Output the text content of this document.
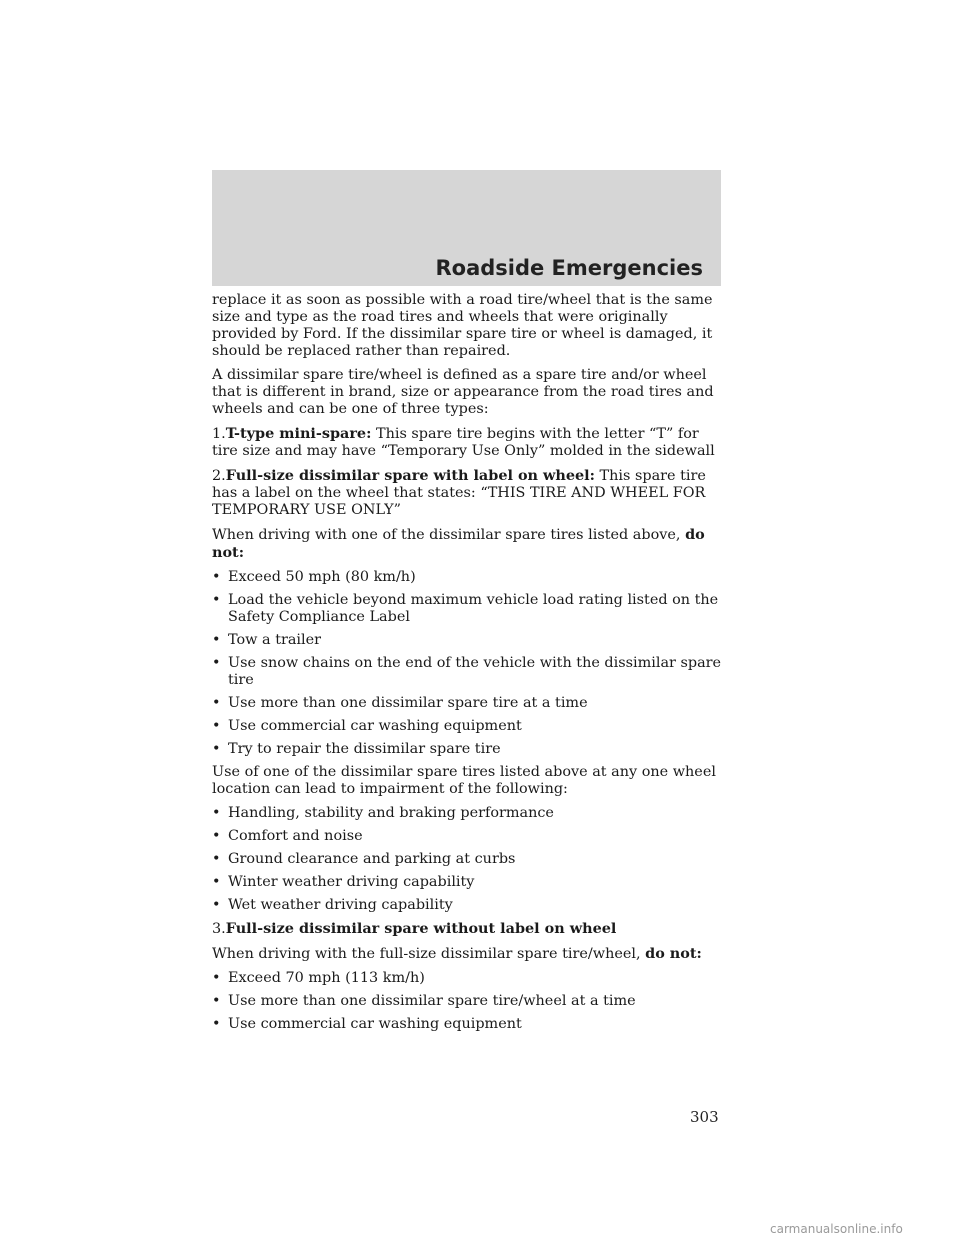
Roadside Emergencies

replace it as soon as possible with a road tire/wheel that is the same size and type as the road tires and wheels that were originally provided by Ford. If the dissimilar spare tire or wheel is damaged, it should be replaced rather than repaired.

A dissimilar spare tire/wheel is defined as a spare tire and/or wheel that is different in brand, size or appearance from the road tires and wheels and can be one of three types:

1.T-type mini-spare: This spare tire begins with the letter “T” for tire size and may have “Temporary Use Only” molded in the sidewall

2.Full-size dissimilar spare with label on wheel: This spare tire has a label on the wheel that states: “THIS TIRE AND WHEEL FOR TEMPORARY USE ONLY”

When driving with one of the dissimilar spare tires listed above, do not:

• Exceed 50 mph (80 km/h)
• Load the vehicle beyond maximum vehicle load rating listed on the Safety Compliance Label
• Tow a trailer
• Use snow chains on the end of the vehicle with the dissimilar spare tire
• Use more than one dissimilar spare tire at a time
• Use commercial car washing equipment
• Try to repair the dissimilar spare tire

Use of one of the dissimilar spare tires listed above at any one wheel location can lead to impairment of the following:

• Handling, stability and braking performance
• Comfort and noise
• Ground clearance and parking at curbs
• Winter weather driving capability
• Wet weather driving capability

3.Full-size dissimilar spare without label on wheel

When driving with the full-size dissimilar spare tire/wheel, do not:

• Exceed 70 mph (113 km/h)
• Use more than one dissimilar spare tire/wheel at a time
• Use commercial car washing equipment
303
carmanualsonline.info
